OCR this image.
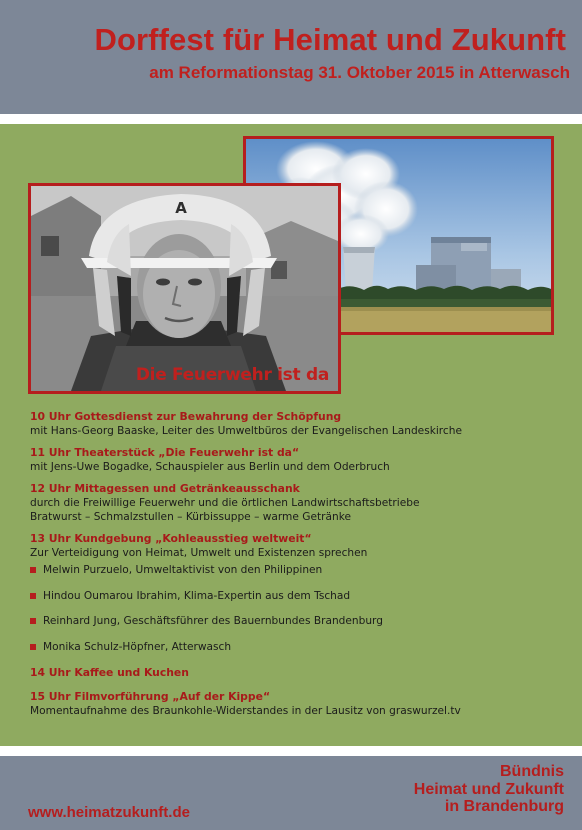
Dorffest für Heimat und Zukunft
am Reformationstag 31. Oktober 2015 in Atterwasch
A
Die Feuerwehr ist da
10 Uhr Gottesdienst zur Bewahrung der Schöpfung
mit Hans-Georg Baaske, Leiter des Umweltbüros der Evangelischen Landeskirche
11 Uhr Theaterstück „Die Feuerwehr ist da“
mit Jens-Uwe Bogadke, Schauspieler aus Berlin und dem Oderbruch
12 Uhr Mittagessen und Getränkeausschank
durch die Freiwillige Feuerwehr und die örtlichen Landwirtschaftsbetriebe
Bratwurst – Schmalzstullen – Kürbissuppe – warme Getränke
13 Uhr Kundgebung „Kohleausstieg weltweit“
Zur Verteidigung von Heimat, Umwelt und Existenzen sprechen
Melwin Purzuelo, Umweltaktivist von den Philippinen
Hindou Oumarou Ibrahim, Klima-Expertin aus dem Tschad
Reinhard Jung, Geschäftsführer des Bauernbundes Brandenburg
Monika Schulz-Höpfner, Atterwasch
14 Uhr Kaffee und Kuchen
15 Uhr Filmvorführung „Auf der Kippe“
Momentaufnahme des Braunkohle-Widerstandes in der Lausitz von graswurzel.tv
www.heimatzukunft.de
Bündnis
Heimat und Zukunft
in Brandenburg
